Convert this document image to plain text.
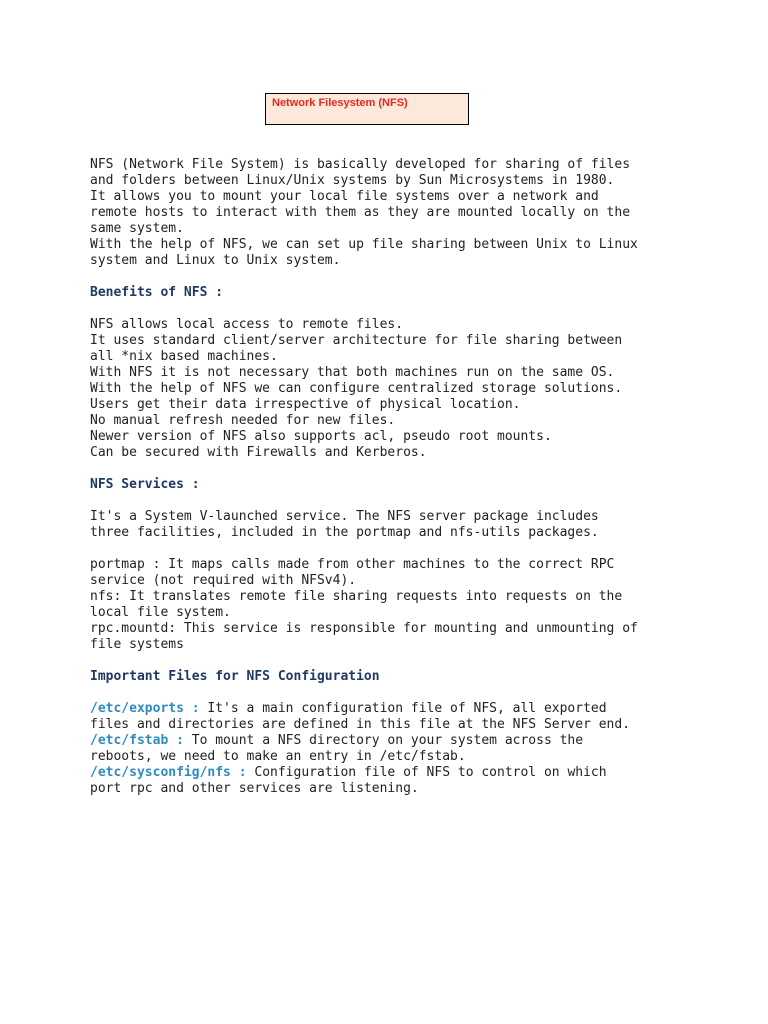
Network Filesystem (NFS)
NFS (Network File System) is basically developed for sharing of files
and folders between Linux/Unix systems by Sun Microsystems in 1980.
It allows you to mount your local file systems over a network and
remote hosts to interact with them as they are mounted locally on the
same system.
With the help of NFS, we can set up file sharing between Unix to Linux
system and Linux to Unix system.
Benefits of NFS :
NFS allows local access to remote files.
It uses standard client/server architecture for file sharing between
all *nix based machines.
With NFS it is not necessary that both machines run on the same OS.
With the help of NFS we can configure centralized storage solutions.
Users get their data irrespective of physical location.
No manual refresh needed for new files.
Newer version of NFS also supports acl, pseudo root mounts.
Can be secured with Firewalls and Kerberos.
NFS Services :
It's a System V-launched service. The NFS server package includes
three facilities, included in the portmap and nfs-utils packages.
portmap : It maps calls made from other machines to the correct RPC
service (not required with NFSv4).
nfs: It translates remote file sharing requests into requests on the
local file system.
rpc.mountd: This service is responsible for mounting and unmounting of
file systems
Important Files for NFS Configuration
/etc/exports : It's a main configuration file of NFS, all exported
files and directories are defined in this file at the NFS Server end.
/etc/fstab : To mount a NFS directory on your system across the
reboots, we need to make an entry in /etc/fstab.
/etc/sysconfig/nfs : Configuration file of NFS to control on which
port rpc and other services are listening.
